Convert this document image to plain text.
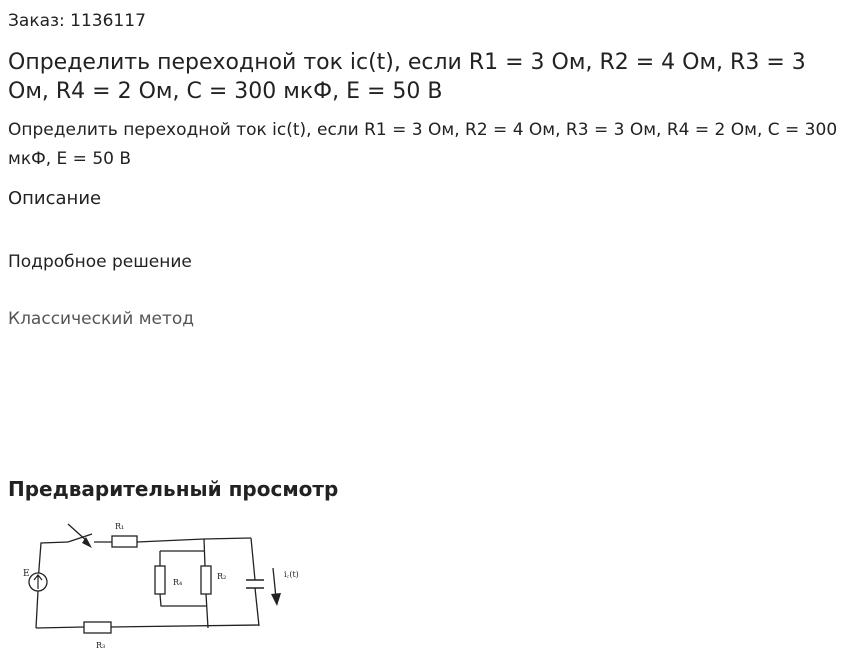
Заказ: 1136117
Определить переходной ток ic(t), если R1 = 3 Ом, R2 = 4 Ом, R3 = 3 Ом, R4 = 2 Ом, C = 300 мкФ, E = 50 В
Определить переходной ток ic(t), если R1 = 3 Ом, R2 = 4 Ом, R3 = 3 Ом, R4 = 2 Ом, C = 300 мкФ, E = 50 В
Описание
Подробное решение
Классический метод
Предварительный просмотр
E
R₁
R₄
R₂
R₃
i꜀(t)
